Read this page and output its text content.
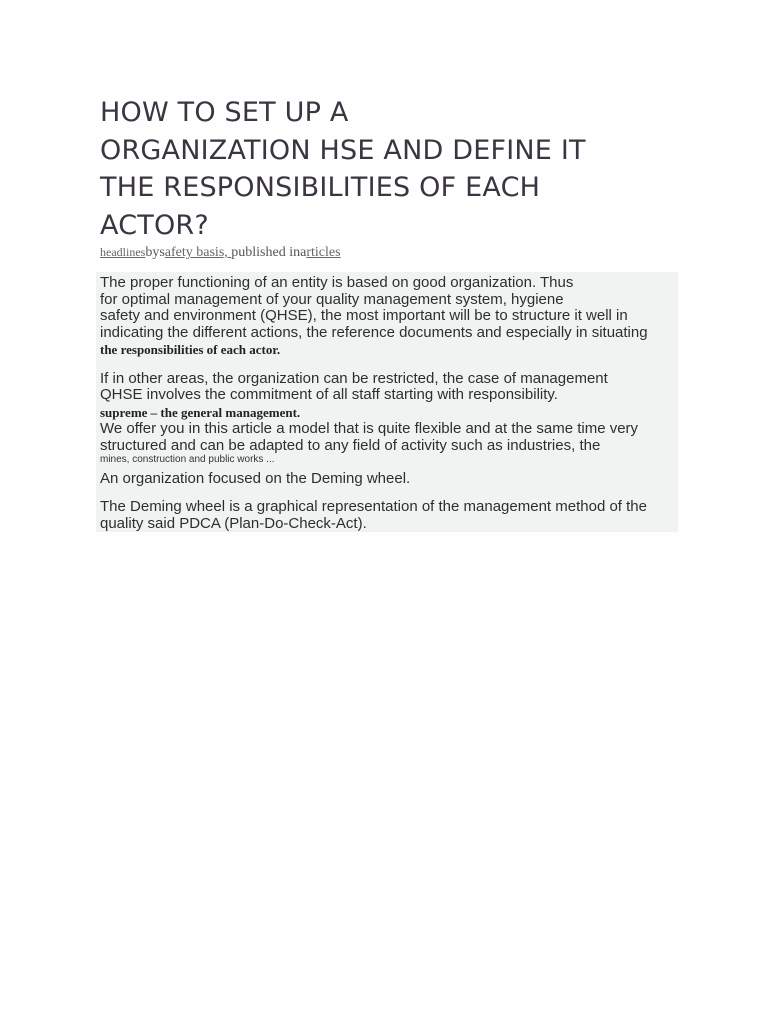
HOW TO SET UP A
ORGANIZATION HSE AND DEFINE IT
THE RESPONSIBILITIES OF EACH
ACTOR?
headlinesbysafety basis, published inarticles
The proper functioning of an entity is based on good organization. Thus
for optimal management of your quality management system, hygiene
safety and environment (QHSE), the most important will be to structure it well in
indicating the different actions, the reference documents and especially in situating
the responsibilities of each actor.
If in other areas, the organization can be restricted, the case of management
QHSE involves the commitment of all staff starting with responsibility.
supreme – the general management.
We offer you in this article a model that is quite flexible and at the same time very
structured and can be adapted to any field of activity such as industries, the
mines, construction and public works ...
An organization focused on the Deming wheel.
The Deming wheel is a graphical representation of the management method of the
quality said PDCA (Plan-Do-Check-Act).
